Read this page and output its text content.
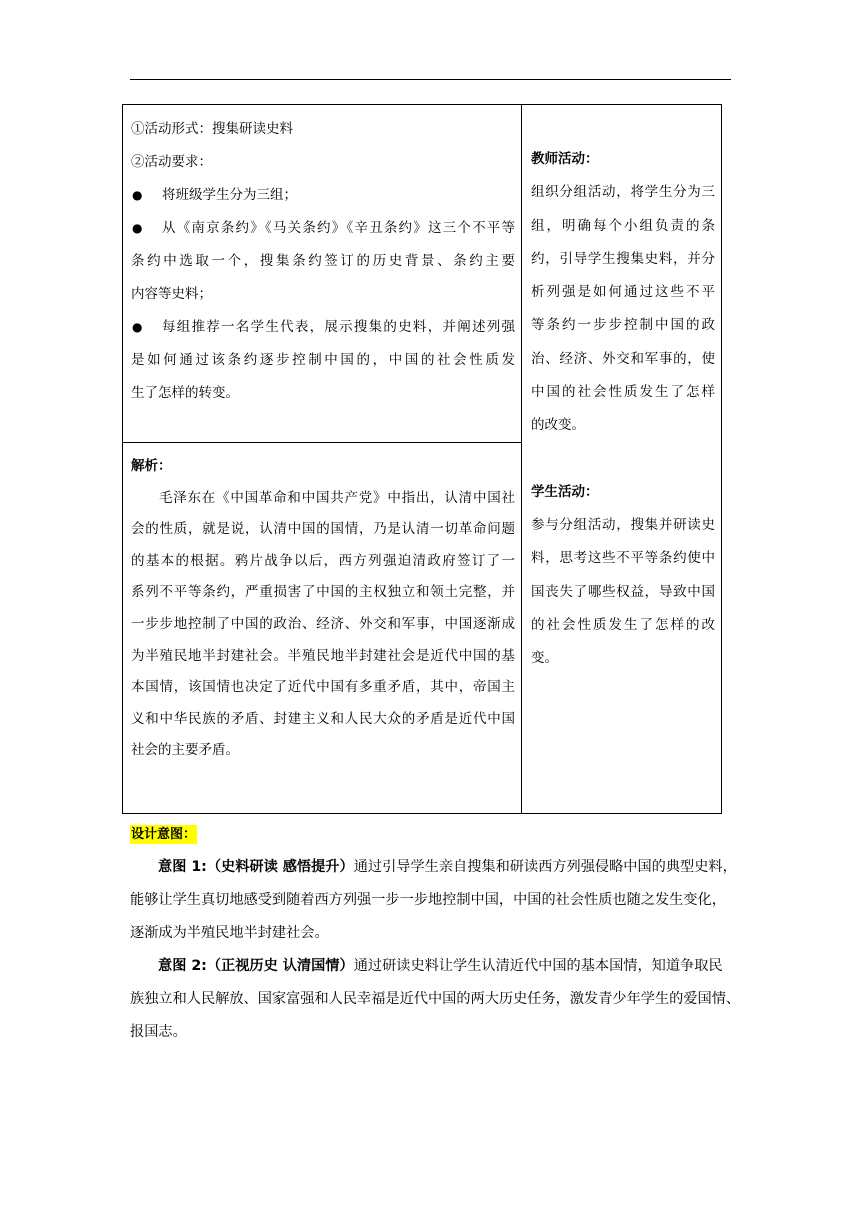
①活动形式：搜集研读史料
②活动要求：
●	将班级学生分为三组；
●	从《南京条约》《马关条约》《辛丑条约》这三个不平等
条约中选取一个，搜集条约签订的历史背景、条约主要
内容等史料；
●	每组推荐一名学生代表，展示搜集的史料，并阐述列强
是如何通过该条约逐步控制中国的，中国的社会性质发
生了怎样的转变。
解析：
毛泽东在《中国革命和中国共产党》中指出，认清中国社
会的性质，就是说，认清中国的国情，乃是认清一切革命问题
的基本的根据。鸦片战争以后，西方列强迫清政府签订了一
系列不平等条约，严重损害了中国的主权独立和领土完整，并
一步步地控制了中国的政治、经济、外交和军事，中国逐渐成
为半殖民地半封建社会。半殖民地半封建社会是近代中国的基
本国情，该国情也决定了近代中国有多重矛盾，其中，帝国主
义和中华民族的矛盾、封建主义和人民大众的矛盾是近代中国
社会的主要矛盾。
教师活动：
组织分组活动，将学生分为三
组，明确每个小组负责的条
约，引导学生搜集史料，并分
析列强是如何通过这些不平
等条约一步步控制中国的政
治、经济、外交和军事的，使
中国的社会性质发生了怎样
的改变。
学生活动：
参与分组活动，搜集并研读史
料，思考这些不平等条约使中
国丧失了哪些权益，导致中国
的社会性质发生了怎样的改
变。
设计意图：
意图 1:（史料研读 感悟提升）通过引导学生亲自搜集和研读西方列强侵略中国的典型史料，
能够让学生真切地感受到随着西方列强一步一步地控制中国，中国的社会性质也随之发生变化，
逐渐成为半殖民地半封建社会。
意图 2:（正视历史 认清国情）通过研读史料让学生认清近代中国的基本国情，知道争取民
族独立和人民解放、国家富强和人民幸福是近代中国的两大历史任务，激发青少年学生的爱国情、
报国志。
